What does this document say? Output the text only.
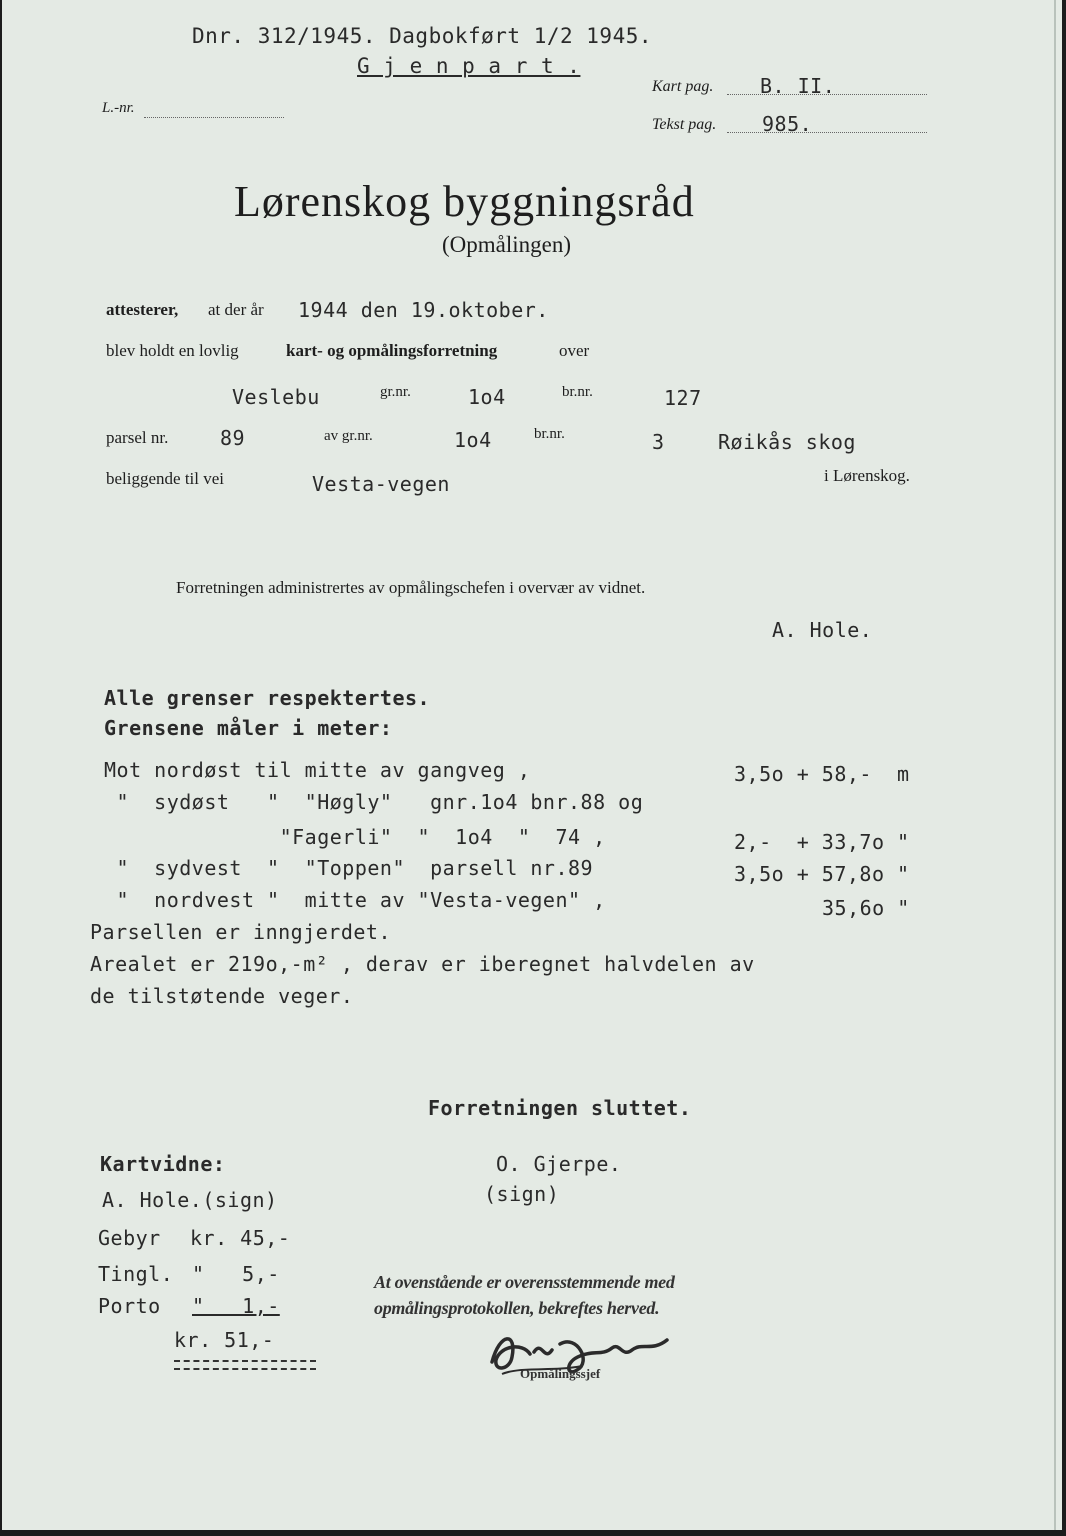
Dnr. 312/1945. Dagbokført 1/2 1945.
G j e n p a r t .
L.-nr.
Kart pag. B. II.
Tekst pag. 985.
Lørenskog byggningsråd
(Opmålingen)
attesterer, at der år 1944 den 19.oktober.
blev holdt en lovlig	kart- og opmålingsforretning	over
Veslebu	gr.nr.	1o4	br.nr.	127
parsel nr.	89	av gr.nr.	1o4	br.nr.	3	Røikås skog
beliggende til vei	Vesta-vegen	i Lørenskog.
Forretningen administrertes av opmålingschefen i overvær av vidnet.
A. Hole.
Alle grenser respektertes.
Grensene måler i meter:
Mot nordøst til mitte av gangveg ,	3,5o + 58,-  m
"  sydøst   "  "Høgly"   gnr.1o4 bnr.88 og
"Fagerli"  "  1o4  "  74 ,	2,-  + 33,7o "
"  sydvest  "  "Toppen"  parsell nr.89	3,5o + 57,8o "
"  nordvest "  mitte av "Vesta-vegen" ,	35,6o "
Parsellen er inngjerdet.
Arealet er 219o,-m² , derav er iberegnet halvdelen av
de tilstøtende veger.
Forretningen sluttet.
Kartvidne:
A. Hole.(sign)
O. Gjerpe.
(sign)
Gebyr kr. 45,-
Tingl. "   5,-
Porto "   1,-
kr. 51,-
At ovenstående er overensstemmende med
opmålingsprotokollen, bekreftes herved.
Opmålingssjef
